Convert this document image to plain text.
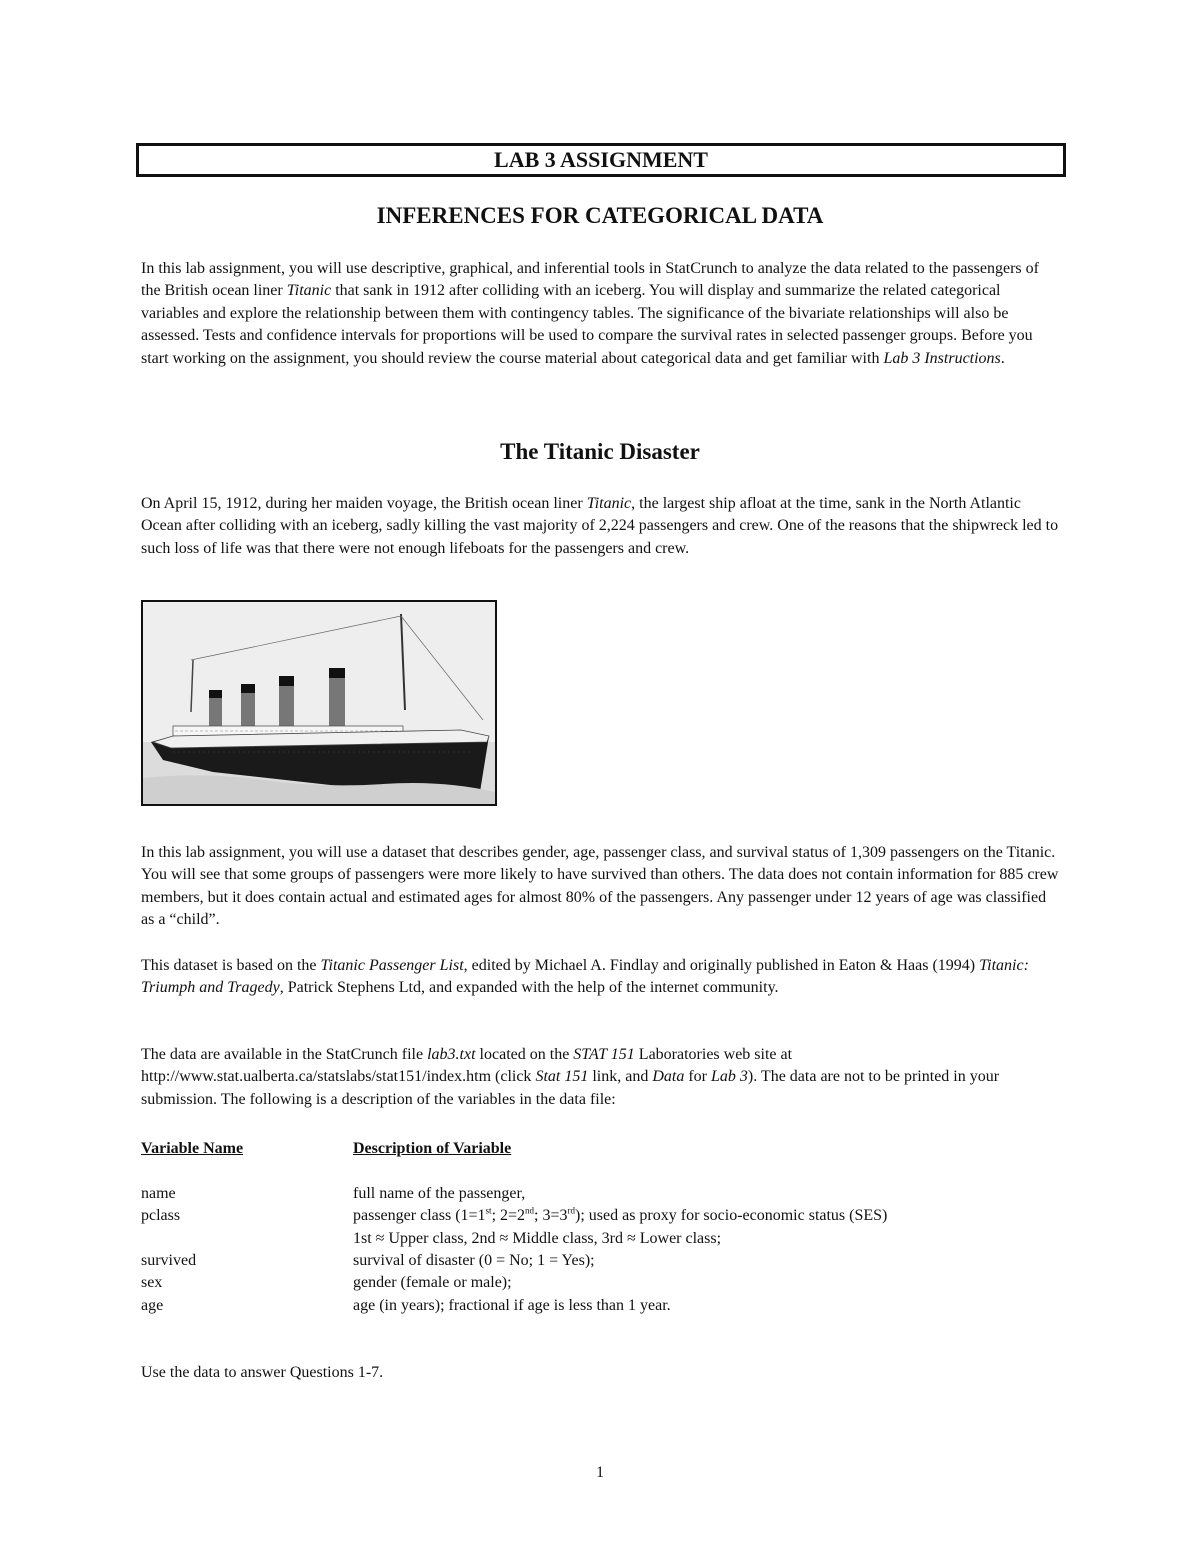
LAB 3 ASSIGNMENT
INFERENCES FOR CATEGORICAL DATA
In this lab assignment, you will use descriptive, graphical, and inferential tools in StatCrunch to analyze the data related to the passengers of the British ocean liner Titanic that sank in 1912 after colliding with an iceberg. You will display and summarize the related categorical variables and explore the relationship between them with contingency tables. The significance of the bivariate relationships will also be assessed. Tests and confidence intervals for proportions will be used to compare the survival rates in selected passenger groups. Before you start working on the assignment, you should review the course material about categorical data and get familiar with Lab 3 Instructions.
The Titanic Disaster
On April 15, 1912, during her maiden voyage, the British ocean liner Titanic, the largest ship afloat at the time, sank in the North Atlantic Ocean after colliding with an iceberg, sadly killing the vast majority of 2,224 passengers and crew. One of the reasons that the shipwreck led to such loss of life was that there were not enough lifeboats for the passengers and crew.
In this lab assignment, you will use a dataset that describes gender, age, passenger class, and survival status of 1,309 passengers on the Titanic. You will see that some groups of passengers were more likely to have survived than others. The data does not contain information for 885 crew members, but it does contain actual and estimated ages for almost 80% of the passengers. Any passenger under 12 years of age was classified as a “child”.
This dataset is based on the Titanic Passenger List, edited by Michael A. Findlay and originally published in Eaton & Haas (1994) Titanic: Triumph and Tragedy, Patrick Stephens Ltd, and expanded with the help of the internet community.
The data are available in the StatCrunch file lab3.txt located on the STAT 151 Laboratories web site at http://www.stat.ualberta.ca/statslabs/stat151/index.htm (click Stat 151 link, and Data for Lab 3). The data are not to be printed in your submission. The following is a description of the variables in the data file:
Variable Name	Description of Variable
name	full name of the passenger,
pclass	passenger class (1=1st; 2=2nd; 3=3rd); used as proxy for socio-economic status (SES)
1st ≈ Upper class, 2nd ≈ Middle class, 3rd ≈ Lower class;
survived	survival of disaster (0 = No; 1 = Yes);
sex	gender (female or male);
age	age (in years); fractional if age is less than 1 year.
Use the data to answer Questions 1-7.
1
